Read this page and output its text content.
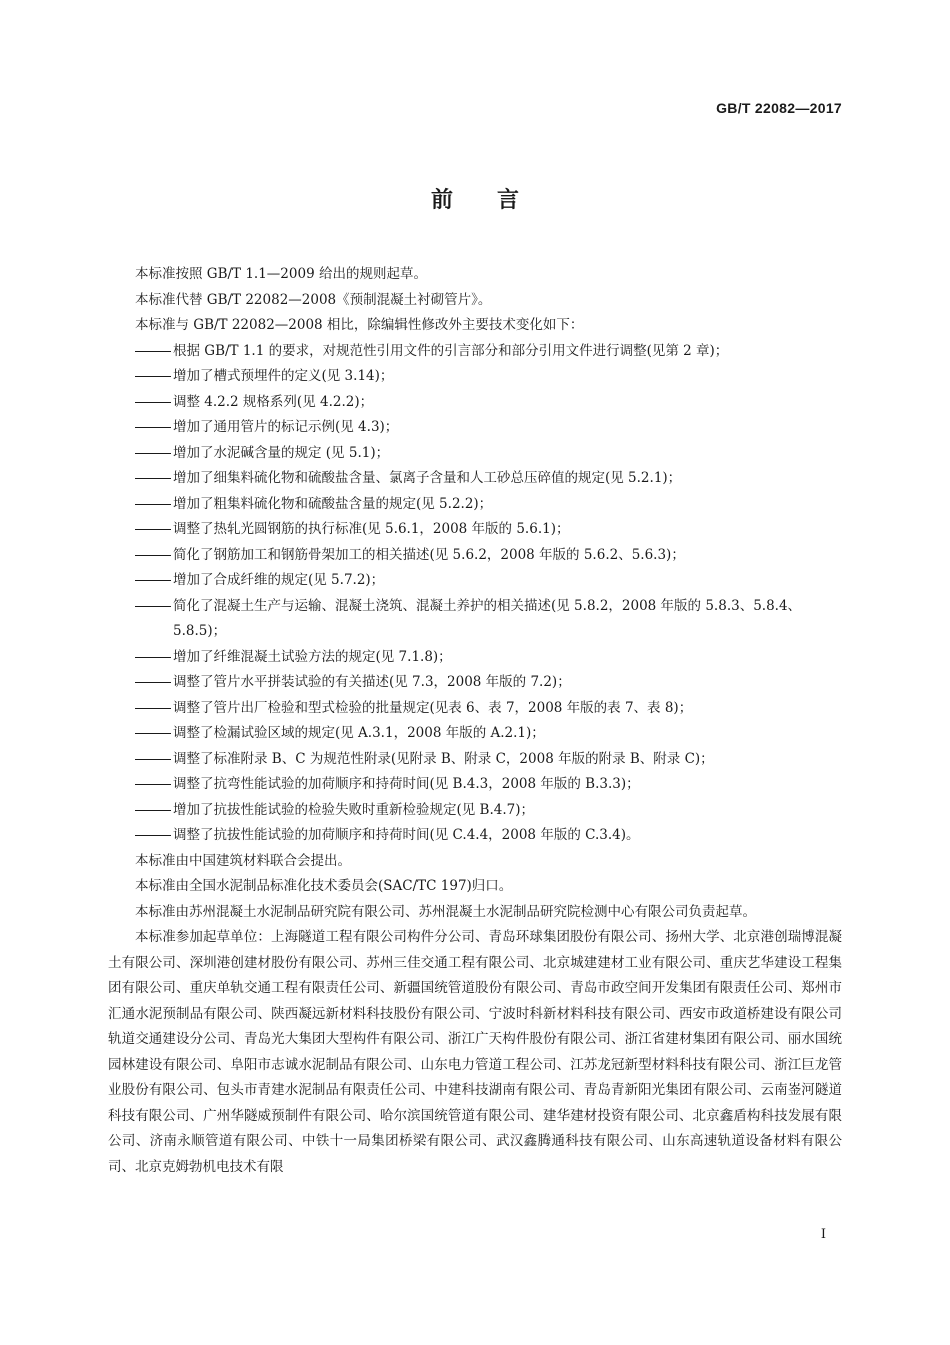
GB/T 22082—2017
前言

本标准按照 GB/T 1.1—2009 给出的规则起草。

本标准代替 GB/T 22082—2008《预制混凝土衬砌管片》。

本标准与 GB/T 22082—2008 相比，除编辑性修改外主要技术变化如下：

根据 GB/T 1.1 的要求，对规范性引用文件的引言部分和部分引用文件进行调整(见第 2 章)；

增加了槽式预埋件的定义(见 3.14)；

调整 4.2.2 规格系列(见 4.2.2)；

增加了通用管片的标记示例(见 4.3)；

增加了水泥碱含量的规定 (见 5.1)；

增加了细集料硫化物和硫酸盐含量、氯离子含量和人工砂总压碎值的规定(见 5.2.1)；

增加了粗集料硫化物和硫酸盐含量的规定(见 5.2.2)；

调整了热轧光圆钢筋的执行标准(见 5.6.1，2008 年版的 5.6.1)；

简化了钢筋加工和钢筋骨架加工的相关描述(见 5.6.2，2008 年版的 5.6.2、5.6.3)；

增加了合成纤维的规定(见 5.7.2)；

简化了混凝土生产与运输、混凝土浇筑、混凝土养护的相关描述(见 5.8.2，2008 年版的 5.8.3、5.8.4、5.8.5)；

增加了纤维混凝土试验方法的规定(见 7.1.8)；

调整了管片水平拼装试验的有关描述(见 7.3，2008 年版的 7.2)；

调整了管片出厂检验和型式检验的批量规定(见表 6、表 7，2008 年版的表 7、表 8)；

调整了检漏试验区域的规定(见 A.3.1，2008 年版的 A.2.1)；

调整了标准附录 B、C 为规范性附录(见附录 B、附录 C，2008 年版的附录 B、附录 C)；

调整了抗弯性能试验的加荷顺序和持荷时间(见 B.4.3，2008 年版的 B.3.3)；

增加了抗拔性能试验的检验失败时重新检验规定(见 B.4.7)；

调整了抗拔性能试验的加荷顺序和持荷时间(见 C.4.4，2008 年版的 C.3.4)。

本标准由中国建筑材料联合会提出。

本标准由全国水泥制品标准化技术委员会(SAC/TC 197)归口。

本标准由苏州混凝土水泥制品研究院有限公司、苏州混凝土水泥制品研究院检测中心有限公司负责起草。

本标准参加起草单位：上海隧道工程有限公司构件分公司、青岛环球集团股份有限公司、扬州大学、北京港创瑞博混凝土有限公司、深圳港创建材股份有限公司、苏州三佳交通工程有限公司、北京城建建材工业有限公司、重庆艺华建设工程集团有限公司、重庆单轨交通工程有限责任公司、新疆国统管道股份有限公司、青岛市政空间开发集团有限责任公司、郑州市汇通水泥预制品有限公司、陕西凝远新材料科技股份有限公司、宁波时科新材料科技有限公司、西安市政道桥建设有限公司轨道交通建设分公司、青岛光大集团大型构件有限公司、浙江广天构件股份有限公司、浙江省建材集团有限公司、丽水国统园林建设有限公司、阜阳市志诚水泥制品有限公司、山东电力管道工程公司、江苏龙冠新型材料科技有限公司、浙江巨龙管业股份有限公司、包头市青建水泥制品有限责任公司、中建科技湖南有限公司、青岛青新阳光集团有限公司、云南崟河隧道科技有限公司、广州华隧威预制件有限公司、哈尔滨国统管道有限公司、建华建材投资有限公司、北京鑫盾构科技发展有限公司、济南永顺管道有限公司、中铁十一局集团桥梁有限公司、武汉鑫腾通科技有限公司、山东高速轨道设备材料有限公司、北京克姆勃机电技术有限

I
